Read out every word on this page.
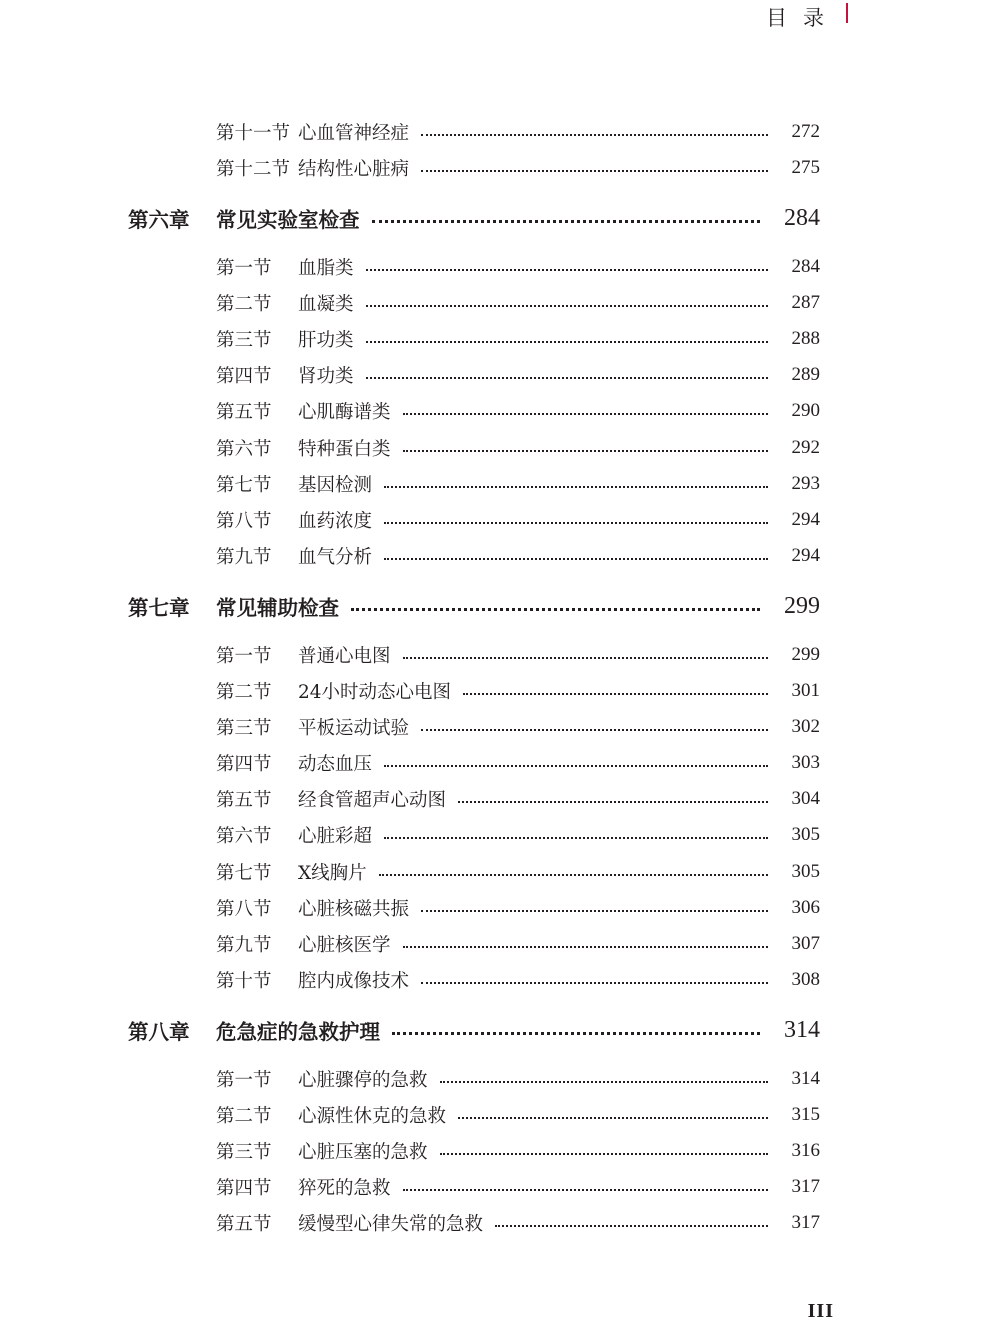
目录
第十一节 心血管神经症	272
第十二节 结构性心脏病	275
第六章	常见实验室检查	284
第一节	血脂类	284
第二节	血凝类	287
第三节	肝功类	288
第四节	肾功类	289
第五节	心肌酶谱类	290
第六节	特种蛋白类	292
第七节	基因检测	293
第八节	血药浓度	294
第九节	血气分析	294
第七章	常见辅助检查	299
第一节	普通心电图	299
第二节	24小时动态心电图	301
第三节	平板运动试验	302
第四节	动态血压	303
第五节	经食管超声心动图	304
第六节	心脏彩超	305
第七节	X线胸片	305
第八节	心脏核磁共振	306
第九节	心脏核医学	307
第十节	腔内成像技术	308
第八章	危急症的急救护理	314
第一节	心脏骤停的急救	314
第二节	心源性休克的急救	315
第三节	心脏压塞的急救	316
第四节	猝死的急救	317
第五节	缓慢型心律失常的急救	317
III
